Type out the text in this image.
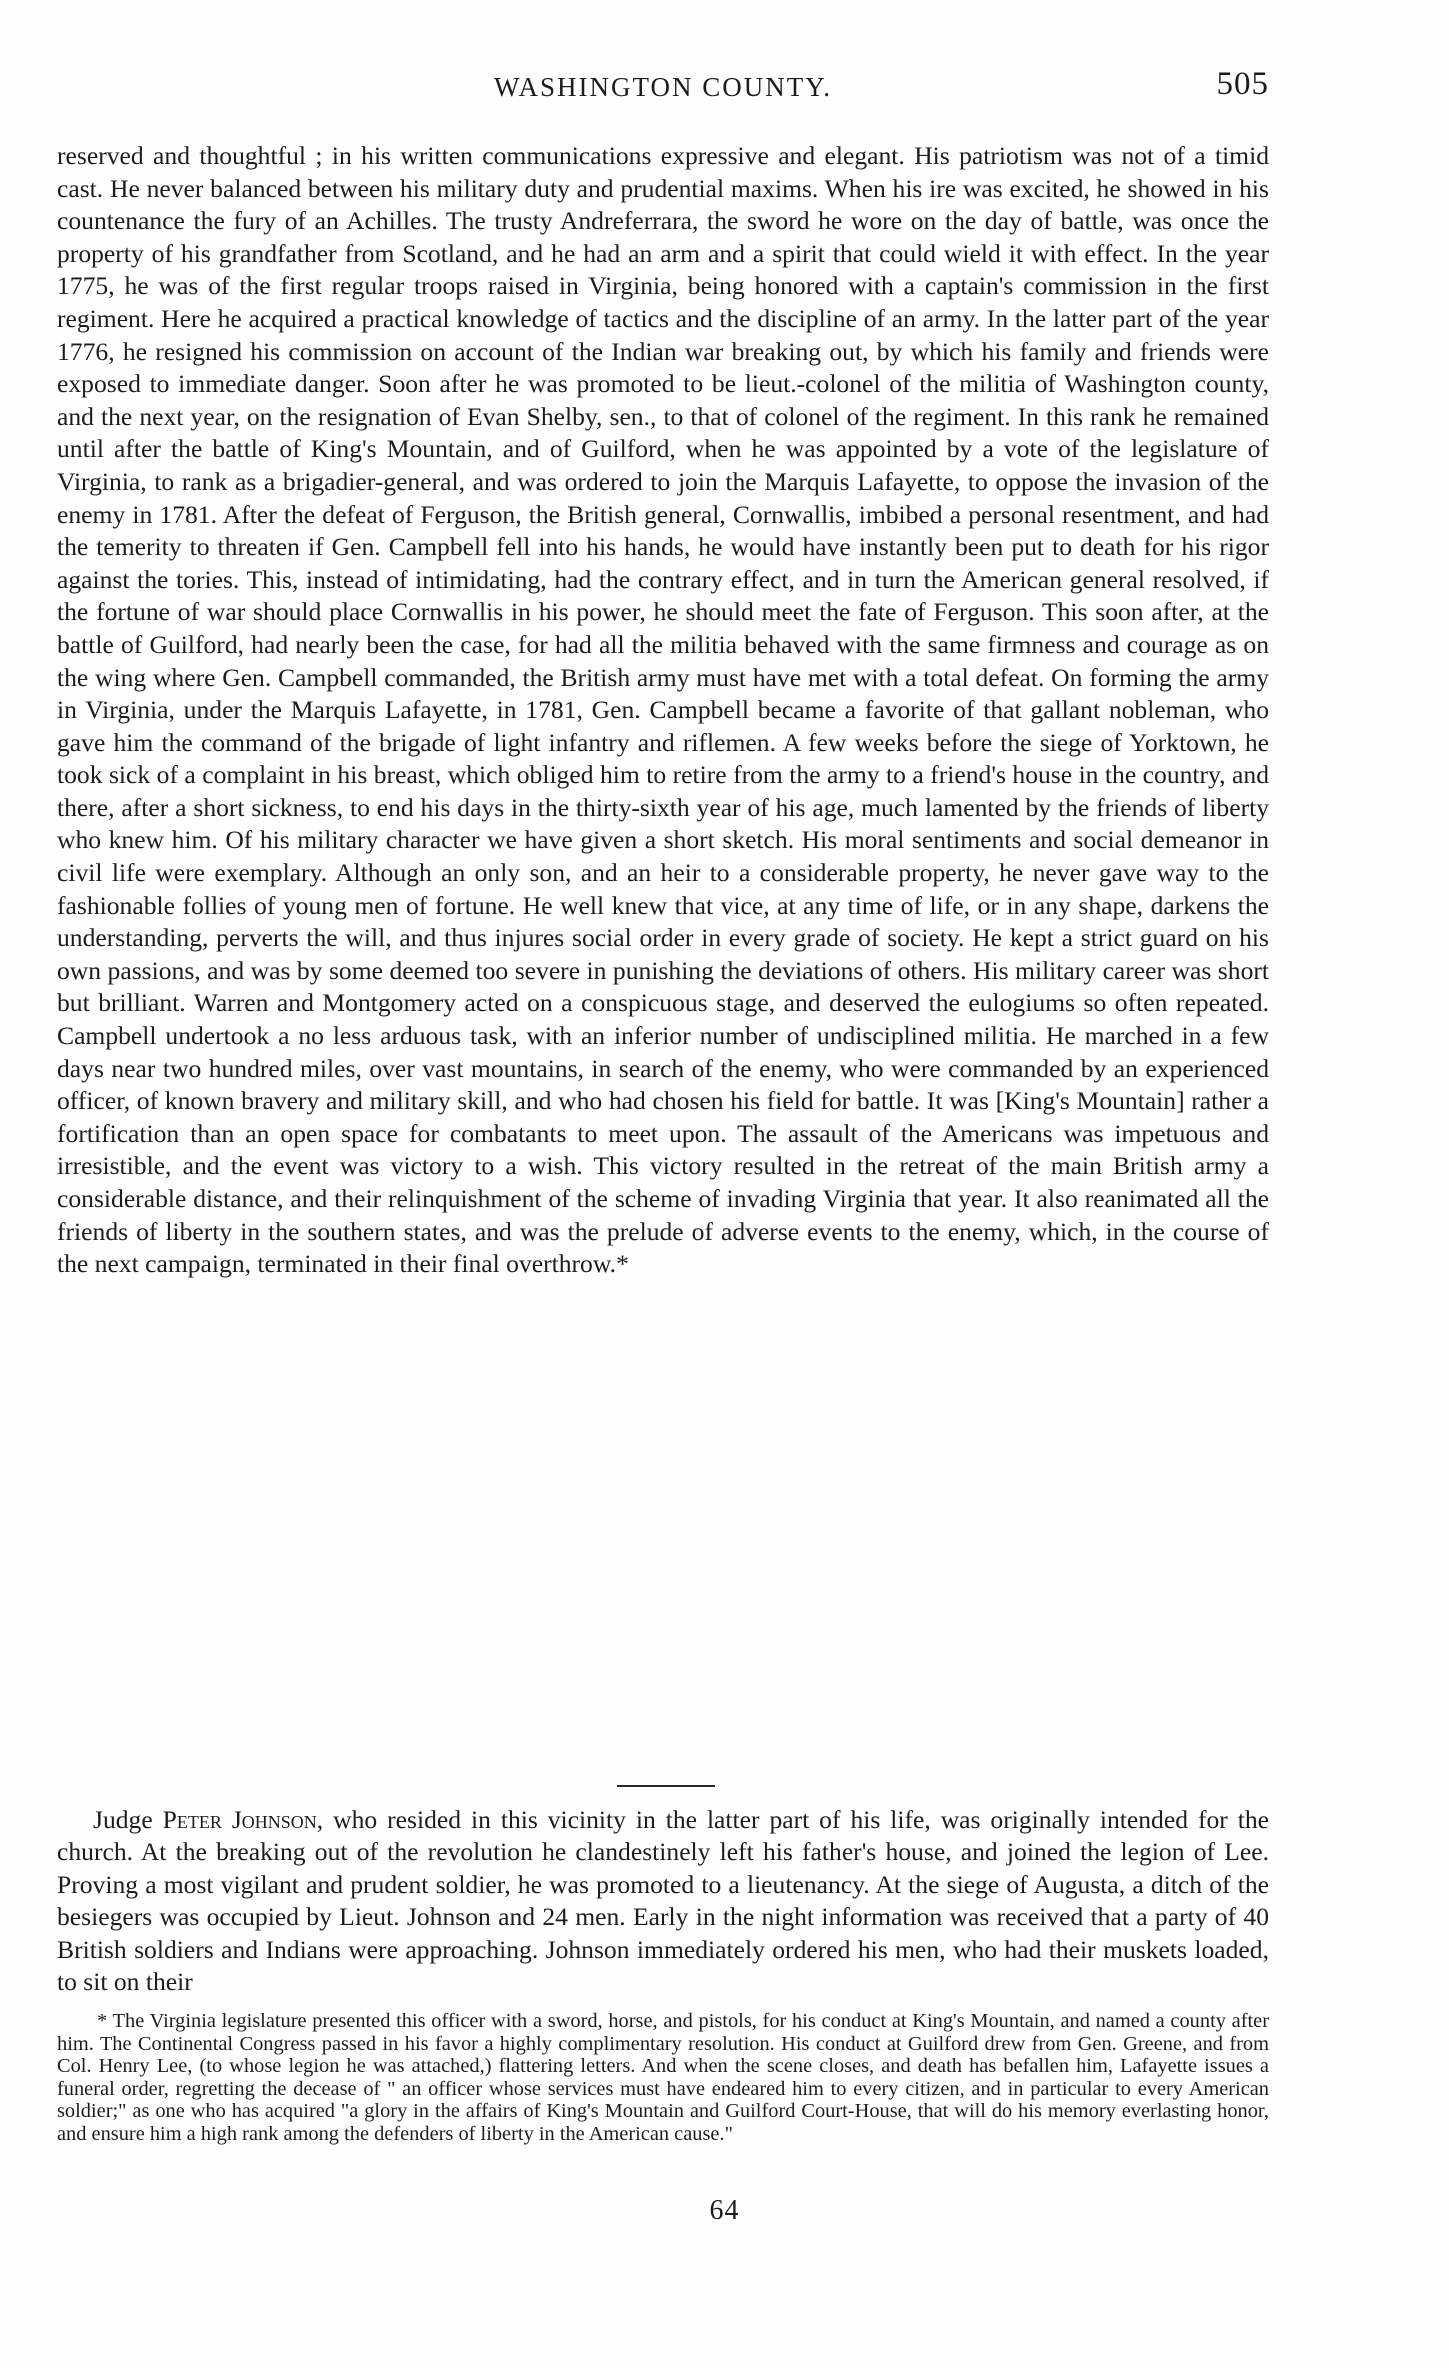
WASHINGTON COUNTY.	505

reserved and thoughtful ; in his written communications expressive and elegant. His patriotism was not of a timid cast. He never balanced between his military duty and prudential maxims. When his ire was excited, he showed in his countenance the fury of an Achilles. The trusty Andreferrara, the sword he wore on the day of battle, was once the property of his grandfather from Scotland, and he had an arm and a spirit that could wield it with effect. In the year 1775, he was of the first regular troops raised in Virginia, being honored with a captain's commission in the first regiment. Here he acquired a practical knowledge of tactics and the discipline of an army. In the latter part of the year 1776, he resigned his commission on account of the Indian war breaking out, by which his family and friends were exposed to immediate danger. Soon after he was promoted to be lieut.-colonel of the militia of Washington county, and the next year, on the resignation of Evan Shelby, sen., to that of colonel of the regiment. In this rank he remained until after the battle of King's Mountain, and of Guilford, when he was appointed by a vote of the legislature of Virginia, to rank as a brigadier-general, and was ordered to join the Marquis Lafayette, to oppose the invasion of the enemy in 1781. After the defeat of Ferguson, the British general, Cornwallis, imbibed a personal resentment, and had the temerity to threaten if Gen. Campbell fell into his hands, he would have instantly been put to death for his rigor against the tories. This, instead of intimidating, had the contrary effect, and in turn the American general resolved, if the fortune of war should place Cornwallis in his power, he should meet the fate of Ferguson. This soon after, at the battle of Guilford, had nearly been the case, for had all the militia behaved with the same firmness and courage as on the wing where Gen. Campbell commanded, the British army must have met with a total defeat. On forming the army in Virginia, under the Marquis Lafayette, in 1781, Gen. Campbell became a favorite of that gallant nobleman, who gave him the command of the brigade of light infantry and riflemen. A few weeks before the siege of Yorktown, he took sick of a complaint in his breast, which obliged him to retire from the army to a friend's house in the country, and there, after a short sickness, to end his days in the thirty-sixth year of his age, much lamented by the friends of liberty who knew him. Of his military character we have given a short sketch. His moral sentiments and social demeanor in civil life were exemplary. Although an only son, and an heir to a considerable property, he never gave way to the fashionable follies of young men of fortune. He well knew that vice, at any time of life, or in any shape, darkens the understanding, perverts the will, and thus injures social order in every grade of society. He kept a strict guard on his own passions, and was by some deemed too severe in punishing the deviations of others. His military career was short but brilliant. Warren and Montgomery acted on a conspicuous stage, and deserved the eulogiums so often repeated. Campbell undertook a no less arduous task, with an inferior number of undisciplined militia. He marched in a few days near two hundred miles, over vast mountains, in search of the enemy, who were commanded by an experienced officer, of known bravery and military skill, and who had chosen his field for battle. It was [King's Mountain] rather a fortification than an open space for combatants to meet upon. The assault of the Americans was impetuous and irresistible, and the event was victory to a wish. This victory resulted in the retreat of the main British army a considerable distance, and their relinquishment of the scheme of invading Virginia that year. It also reanimated all the friends of liberty in the southern states, and was the prelude of adverse events to the enemy, which, in the course of the next campaign, terminated in their final overthrow.*

Judge Peter Johnson, who resided in this vicinity in the latter part of his life, was originally intended for the church. At the breaking out of the revolution he clandestinely left his father's house, and joined the legion of Lee. Proving a most vigilant and prudent soldier, he was promoted to a lieutenancy. At the siege of Augusta, a ditch of the besiegers was occupied by Lieut. Johnson and 24 men. Early in the night information was received that a party of 40 British soldiers and Indians were approaching. Johnson immediately ordered his men, who had their muskets loaded, to sit on their

* The Virginia legislature presented this officer with a sword, horse, and pistols, for his conduct at King's Mountain, and named a county after him. The Continental Congress passed in his favor a highly complimentary resolution. His conduct at Guilford drew from Gen. Greene, and from Col. Henry Lee, (to whose legion he was attached,) flattering letters. And when the scene closes, and death has befallen him, Lafayette issues a funeral order, regretting the decease of " an officer whose services must have endeared him to every citizen, and in particular to every American soldier;" as one who has acquired "a glory in the affairs of King's Mountain and Guilford Court-House, that will do his memory everlasting honor, and ensure him a high rank among the defenders of liberty in the American cause."

64
